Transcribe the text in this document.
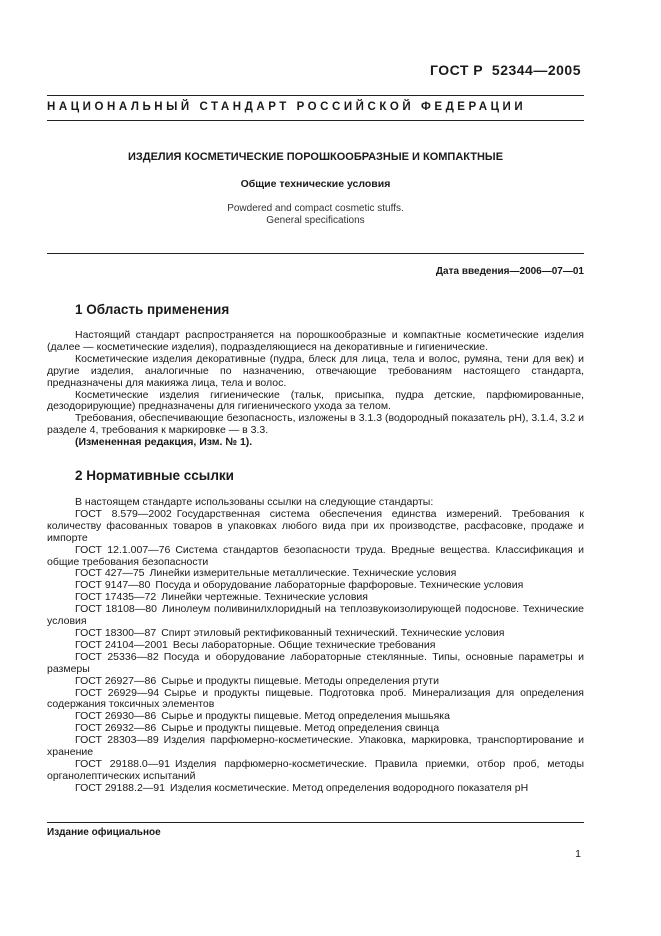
ГОСТ Р  52344—2005
НАЦИОНАЛЬНЫЙ СТАНДАРТ РОССИЙСКОЙ ФЕДЕРАЦИИ
ИЗДЕЛИЯ КОСМЕТИЧЕСКИЕ ПОРОШКООБРАЗНЫЕ И КОМПАКТНЫЕ
Общие технические условия
Powdered and compact cosmetic stuffs.
General specifications
Дата введения—2006—07—01
1 Область применения

Настоящий стандарт распространяется на порошкообразные и компактные косметические изделия (далее — косметические изделия), подразделяющиеся на декоративные и гигиенические.

Косметические изделия декоративные (пудра, блеск для лица, тела и волос, румяна, тени для век) и другие изделия, аналогичные по назначению, отвечающие требованиям настоящего стандарта, предназначены для макияжа лица, тела и волос.

Косметические изделия гигиенические (тальк, присыпка, пудра детские, парфюмированные, дезодорирующие) предназначены для гигиенического ухода за телом.

Требования, обеспечивающие безопасность, изложены в 3.1.3 (водородный показатель рН), 3.1.4, 3.2 и разделе 4, требования к маркировке — в 3.3.

(Измененная редакция, Изм. № 1).

2 Нормативные ссылки

В настоящем стандарте использованы ссылки на следующие стандарты:

ГОСТ 8.579—2002 Государственная система обеспечения единства измерений. Требования к количеству фасованных товаров в упаковках любого вида при их производстве, расфасовке, продаже и импорте

ГОСТ 12.1.007—76 Система стандартов безопасности труда. Вредные вещества. Классификация и общие требования безопасности

ГОСТ 427—75 Линейки измерительные металлические. Технические условия

ГОСТ 9147—80 Посуда и оборудование лабораторные фарфоровые. Технические условия

ГОСТ 17435—72 Линейки чертежные. Технические условия

ГОСТ 18108—80 Линолеум поливинилхлоридный на теплозвукоизолирующей подоснове. Технические условия

ГОСТ 18300—87 Спирт этиловый ректификованный технический. Технические условия

ГОСТ 24104—2001 Весы лабораторные. Общие технические требования

ГОСТ 25336—82 Посуда и оборудование лабораторные стеклянные. Типы, основные параметры и размеры

ГОСТ 26927—86 Сырье и продукты пищевые. Методы определения ртути

ГОСТ 26929—94 Сырье и продукты пищевые. Подготовка проб. Минерализация для определения содержания токсичных элементов

ГОСТ 26930—86 Сырье и продукты пищевые. Метод определения мышьяка

ГОСТ 26932—86 Сырье и продукты пищевые. Метод определения свинца

ГОСТ 28303—89 Изделия парфюмерно-косметические. Упаковка, маркировка, транспортирование и хранение

ГОСТ 29188.0—91 Изделия парфюмерно-косметические. Правила приемки, отбор проб, методы органолептических испытаний

ГОСТ 29188.2—91 Изделия косметические. Метод определения водородного показателя рН

Издание официальное
1
